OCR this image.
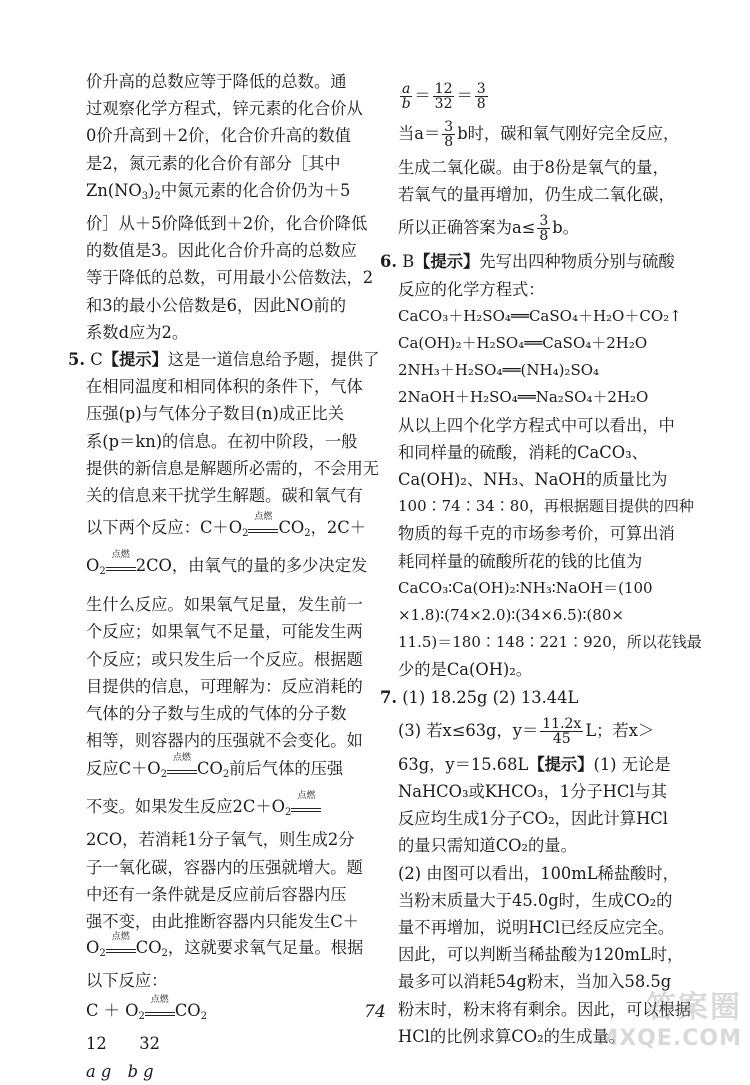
价升高的总数应等于降低的总数。通
过观察化学方程式，锌元素的化合价从
0价升高到＋2价，化合价升高的数值
是2，氮元素的化合价有部分［其中
$Zn(NO_3)_2$中氮元素的化合价仍为＋5
价］从＋5价降低到＋2价，化合价降低
的数值是3。因此化合价升高的总数应
等于降低的总数，可用最小公倍数法，2
和3的最小公倍数是6，因此NO前的
系数d应为2。
5. C【提示】这是一道信息给予题，提供了
在相同温度和相同体积的条件下，气体
压强(p)与气体分子数目(n)成正比关
系(p＝kn)的信息。在初中阶段，一般
提供的新信息是解题所必需的，不会用无
关的信息来干扰学生解题。碳和氧气有
以下两个反应：$C+O_2$
点燃
$CO_2$，2C＋
$O_2$
点燃
2CO，由氧气的量的多少决定发
生什么反应。如果氧气足量，发生前一
个反应；如果氧气不足量，可能发生两
个反应；或只发生后一个反应。根据题
目提供的信息，可理解为：反应消耗的
气体的分子数与生成的气体的分子数
相等，则容器内的压强就不会变化。如
反应$C+O_2$
点燃
$CO_2$前后气体的压强
不变。如果发生反应$2C+O_2$
点燃
2CO，若消耗1分子氧气，则生成2分
子一氧化碳，容器内的压强就增大。题
中还有一条件就是反应前后容器内压
强不变，由此推断容器内只能发生C＋
$O_2$
点燃
$CO_2$，这就要求氧气足量。根据
以下反应：
$C + O_2$
点燃
$CO_2$
12　　32
a g　b g
$\frac{a}{b} = \frac{12}{32} = \frac{3}{8}$
当$a= \frac{3}{8}$ b时，碳和氧气刚好完全反应，
生成二氧化碳。由于8份是氧气的量，
若氧气的量再增加，仍生成二氧化碳，
所以正确答案为$a\le \frac{3}{8}$ b。
6. B【提示】先写出四种物质分别与硫酸
反应的化学方程式：
CaCO₃＋H₂SO₄══CaSO₄＋H₂O＋CO₂↑
Ca(OH)₂＋H₂SO₄══CaSO₄＋2H₂O
2NH₃＋H₂SO₄══(NH₄)₂SO₄
2NaOH＋H₂SO₄══Na₂SO₄＋2H₂O
从以上四个化学方程式中可以看出，中
和同样量的硫酸，消耗的CaCO₃、
Ca(OH)₂、NH₃、NaOH的质量比为
100∶74∶34∶80，再根据题目提供的四种
物质的每千克的市场参考价，可算出消
耗同样量的硫酸所花的钱的比值为
CaCO₃∶Ca(OH)₂∶NH₃∶NaOH＝(100
×1.8)∶(74×2.0)∶(34×6.5)∶(80×
11.5)＝180∶148∶221∶920，所以花钱最
少的是Ca(OH)₂。
7. (1) 18.25g (2) 13.44L
(3) 若x≤63g，$y= \frac{11.2x}{45}$ L；若x＞
63g，y＝15.68L【提示】(1) 无论是
NaHCO₃或KHCO₃，1分子HCl与其
反应均生成1分子CO₂，因此计算HCl
的量只需知道CO₂的量。
(2) 由图可以看出，100mL稀盐酸时，
当粉末质量大于45.0g时，生成CO₂的
量不再增加，说明HCl已经反应完全。
因此，可以判断当稀盐酸为120mL时，
最多可以消耗54g粉末，当加入58.5g
粉末时，粉末将有剩余。因此，可以根据
HCl的比例求算CO₂的生成量。
74	答案圈
MXQE.COM
